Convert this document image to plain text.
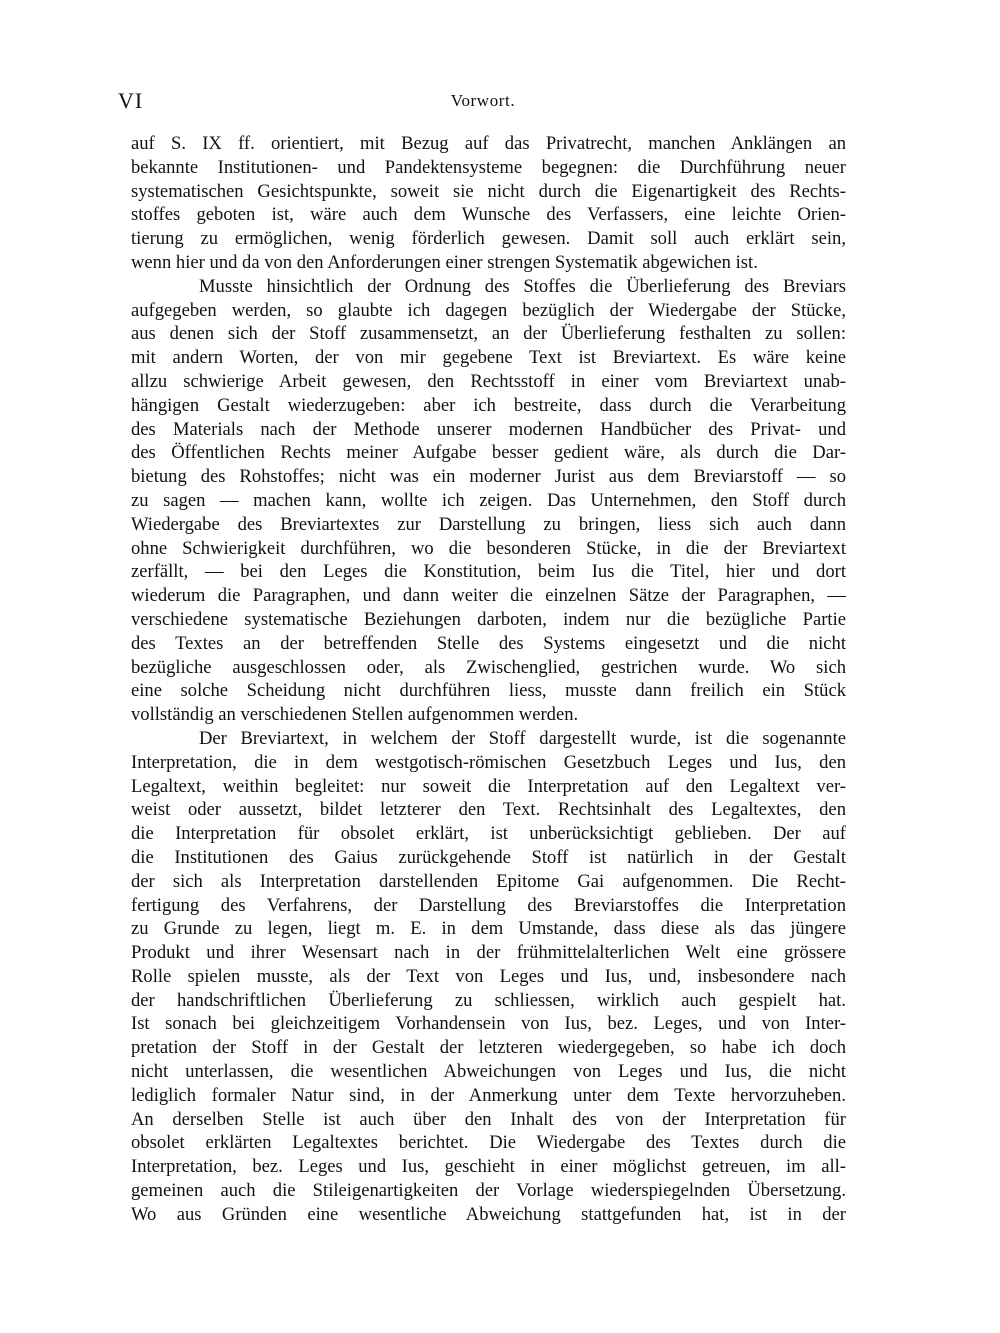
VI	Vorwort.
auf S. IX ff. orientiert, mit Bezug auf das Privatrecht, manchen Anklängen an
bekannte Institutionen- und Pandektensysteme begegnen: die Durchführung neuer
systematischen Gesichtspunkte, soweit sie nicht durch die Eigenartigkeit des Rechts-
stoffes geboten ist, wäre auch dem Wunsche des Verfassers, eine leichte Orien-
tierung zu ermöglichen, wenig förderlich gewesen. Damit soll auch erklärt sein,
wenn hier und da von den Anforderungen einer strengen Systematik abgewichen ist.
Musste hinsichtlich der Ordnung des Stoffes die Überlieferung des Breviars
aufgegeben werden, so glaubte ich dagegen bezüglich der Wiedergabe der Stücke,
aus denen sich der Stoff zusammensetzt, an der Überlieferung festhalten zu sollen:
mit andern Worten, der von mir gegebene Text ist Breviartext. Es wäre keine
allzu schwierige Arbeit gewesen, den Rechtsstoff in einer vom Breviartext unab-
hängigen Gestalt wiederzugeben: aber ich bestreite, dass durch die Verarbeitung
des Materials nach der Methode unserer modernen Handbücher des Privat- und
des Öffentlichen Rechts meiner Aufgabe besser gedient wäre, als durch die Dar-
bietung des Rohstoffes; nicht was ein moderner Jurist aus dem Breviarstoff — so
zu sagen — machen kann, wollte ich zeigen. Das Unternehmen, den Stoff durch
Wiedergabe des Breviartextes zur Darstellung zu bringen, liess sich auch dann
ohne Schwierigkeit durchführen, wo die besonderen Stücke, in die der Breviartext
zerfällt, — bei den Leges die Konstitution, beim Ius die Titel, hier und dort
wiederum die Paragraphen, und dann weiter die einzelnen Sätze der Paragraphen, —
verschiedene systematische Beziehungen darboten, indem nur die bezügliche Partie
des Textes an der betreffenden Stelle des Systems eingesetzt und die nicht
bezügliche ausgeschlossen oder, als Zwischenglied, gestrichen wurde. Wo sich
eine solche Scheidung nicht durchführen liess, musste dann freilich ein Stück
vollständig an verschiedenen Stellen aufgenommen werden.
Der Breviartext, in welchem der Stoff dargestellt wurde, ist die sogenannte
Interpretation, die in dem westgotisch-römischen Gesetzbuch Leges und Ius, den
Legaltext, weithin begleitet: nur soweit die Interpretation auf den Legaltext ver-
weist oder aussetzt, bildet letzterer den Text. Rechtsinhalt des Legaltextes, den
die Interpretation für obsolet erklärt, ist unberücksichtigt geblieben. Der auf
die Institutionen des Gaius zurückgehende Stoff ist natürlich in der Gestalt
der sich als Interpretation darstellenden Epitome Gai aufgenommen. Die Recht-
fertigung des Verfahrens, der Darstellung des Breviarstoffes die Interpretation
zu Grunde zu legen, liegt m. E. in dem Umstande, dass diese als das jüngere
Produkt und ihrer Wesensart nach in der frühmittelalterlichen Welt eine grössere
Rolle spielen musste, als der Text von Leges und Ius, und, insbesondere nach
der handschriftlichen Überlieferung zu schliessen, wirklich auch gespielt hat.
Ist sonach bei gleichzeitigem Vorhandensein von Ius, bez. Leges, und von Inter-
pretation der Stoff in der Gestalt der letzteren wiedergegeben, so habe ich doch
nicht unterlassen, die wesentlichen Abweichungen von Leges und Ius, die nicht
lediglich formaler Natur sind, in der Anmerkung unter dem Texte hervorzuheben.
An derselben Stelle ist auch über den Inhalt des von der Interpretation für
obsolet erklärten Legaltextes berichtet. Die Wiedergabe des Textes durch die
Interpretation, bez. Leges und Ius, geschieht in einer möglichst getreuen, im all-
gemeinen auch die Stileigenartigkeiten der Vorlage wiederspiegelnden Übersetzung.
Wo aus Gründen eine wesentliche Abweichung stattgefunden hat, ist in der
